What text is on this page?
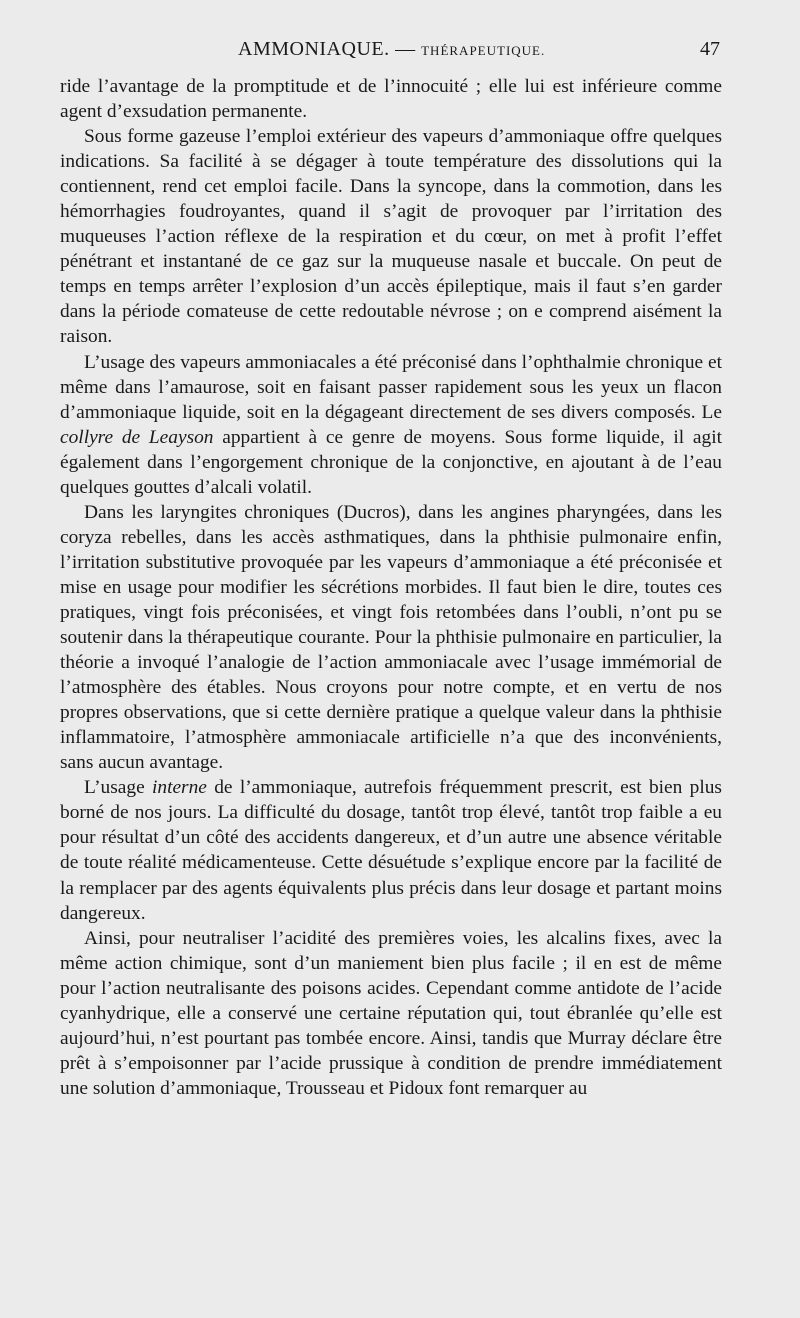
AMMONIAQUE. — THÉRAPEUTIQUE.	47

ride l’avantage de la promptitude et de l’innocuité ; elle lui est inférieure comme agent d’exsudation permanente.

Sous forme gazeuse l’emploi extérieur des vapeurs d’ammoniaque offre quelques indications. Sa facilité à se dégager à toute température des dissolutions qui la contiennent, rend cet emploi facile. Dans la syncope, dans la commotion, dans les hémorrhagies foudroyantes, quand il s’agit de provoquer par l’irritation des muqueuses l’action réflexe de la respiration et du cœur, on met à profit l’effet pénétrant et instantané de ce gaz sur la muqueuse nasale et buccale. On peut de temps en temps arrêter l’explosion d’un accès épileptique, mais il faut s’en garder dans la période comateuse de cette redoutable névrose ; on e comprend aisément la raison.

L’usage des vapeurs ammoniacales a été préconisé dans l’ophthalmie chronique et même dans l’amaurose, soit en faisant passer rapidement sous les yeux un flacon d’ammoniaque liquide, soit en la dégageant directement de ses divers composés. Le collyre de Leayson appartient à ce genre de moyens. Sous forme liquide, il agit également dans l’engorgement chronique de la conjonctive, en ajoutant à de l’eau quelques gouttes d’alcali volatil.

Dans les laryngites chroniques (Ducros), dans les angines pharyngées, dans les coryza rebelles, dans les accès asthmatiques, dans la phthisie pulmonaire enfin, l’irritation substitutive provoquée par les vapeurs d’ammoniaque a été préconisée et mise en usage pour modifier les sécrétions morbides. Il faut bien le dire, toutes ces pratiques, vingt fois préconisées, et vingt fois retombées dans l’oubli, n’ont pu se soutenir dans la thérapeutique courante. Pour la phthisie pulmonaire en particulier, la théorie a invoqué l’analogie de l’action ammoniacale avec l’usage immémorial de l’atmosphère des étables. Nous croyons pour notre compte, et en vertu de nos propres observations, que si cette dernière pratique a quelque valeur dans la phthisie inflammatoire, l’atmosphère ammoniacale artificielle n’a que des inconvénients, sans aucun avantage.

L’usage interne de l’ammoniaque, autrefois fréquemment prescrit, est bien plus borné de nos jours. La difficulté du dosage, tantôt trop élevé, tantôt trop faible a eu pour résultat d’un côté des accidents dangereux, et d’un autre une absence véritable de toute réalité médicamenteuse. Cette désuétude s’explique encore par la facilité de la remplacer par des agents équivalents plus précis dans leur dosage et partant moins dangereux.

Ainsi, pour neutraliser l’acidité des premières voies, les alcalins fixes, avec la même action chimique, sont d’un maniement bien plus facile ; il en est de même pour l’action neutralisante des poisons acides. Cependant comme antidote de l’acide cyanhydrique, elle a conservé une certaine réputation qui, tout ébranlée qu’elle est aujourd’hui, n’est pourtant pas tombée encore. Ainsi, tandis que Murray déclare être prêt à s’empoisonner par l’acide prussique à condition de prendre immédiatement une solution d’ammoniaque, Trousseau et Pidoux font remarquer au
